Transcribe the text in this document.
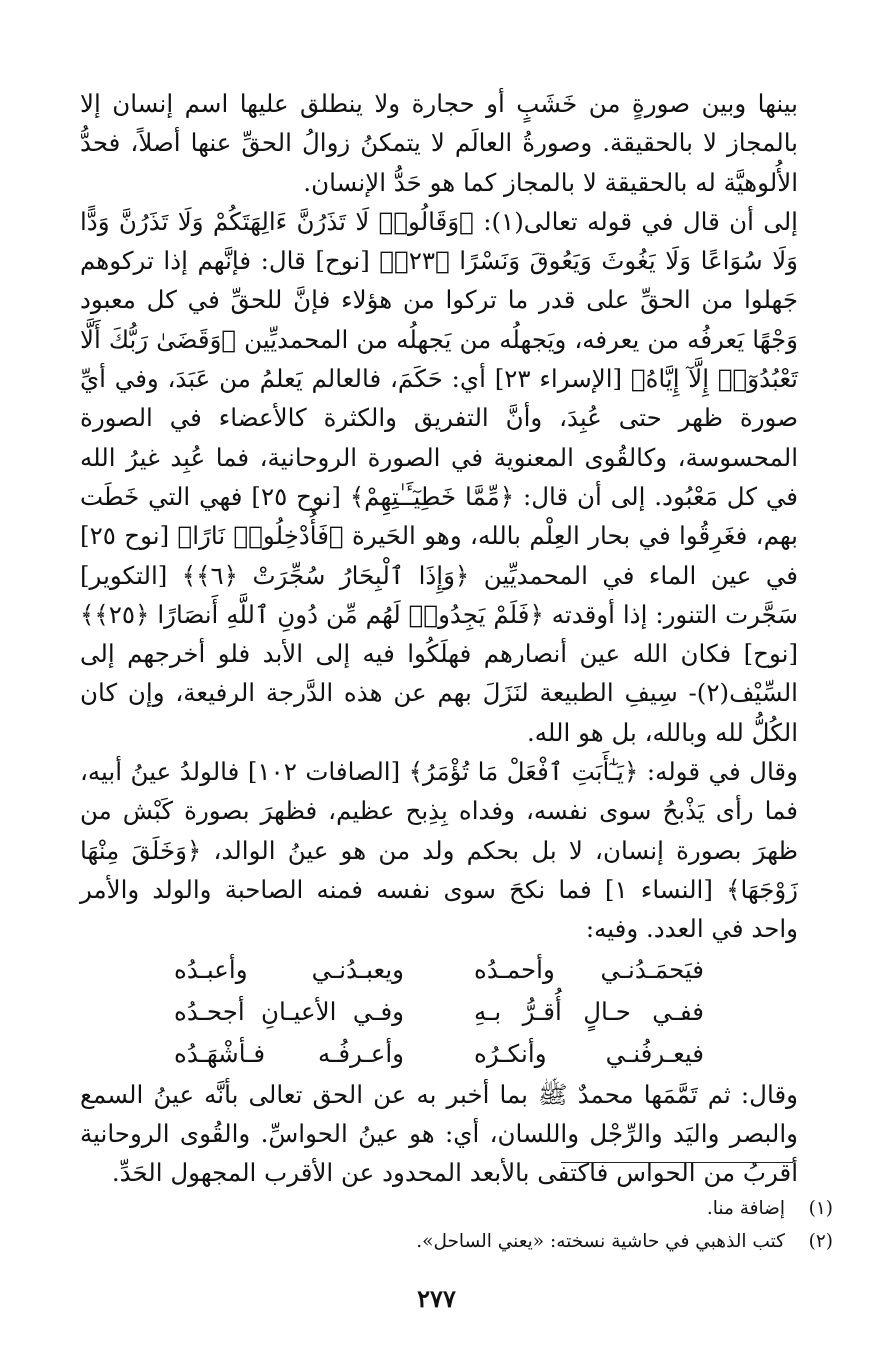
بينها وبين صورةٍ من خَشَبٍ أو حجارة ولا ينطلق عليها اسم إنسان إلا بالمجاز لا بالحقيقة. وصورةُ العالَم لا يتمكنُ زوالُ الحقِّ عنها أصلاً، فحدُّ الأُلوهيَّة له بالحقيقة لا بالمجاز كما هو حَدُّ الإنسان.

إلى أن قال في قوله تعالى(١): ﴿وَقَالُوا۟ لَا تَذَرُنَّ ءَالِهَتَكُمْ وَلَا تَذَرُنَّ وَدًّا وَلَا سُوَاعًا وَلَا يَغُوثَ وَيَعُوقَ وَنَسْرًا ﴿٢٣﴾﴾ [نوح] قال: فإنَّهم إذا تركوهم جَهلوا من الحقِّ على قدر ما تركوا من هؤلاء فإنَّ للحقِّ في كل معبود وَجْهًا يَعرفُه من يعرفه، ويَجهلُه من يَجهلُه من المحمديِّين ﴿وَقَضَىٰ رَبُّكَ أَلَّا تَعْبُدُوٓا۟ إِلَّآ إِيَّاهُ﴾ [الإسراء ٢٣] أي: حَكَمَ، فالعالم يَعلمُ من عَبَدَ، وفي أيِّ صورة ظهر حتى عُبِدَ، وأنَّ التفريق والكثرة كالأعضاء في الصورة المحسوسة، وكالقُوى المعنوية في الصورة الروحانية، فما عُبِد غيرُ الله في كل مَعْبُود. إلى أن قال: ﴿مِّمَّا خَطِيٓـَٔـٰتِهِمْ﴾ [نوح ٢٥] فهي التي خَطَت بهم، فغَرِقُوا في بحار العِلْم بالله، وهو الحَيرة ﴿فَأُدْخِلُوا۟ نَارًا﴾ [نوح ٢٥] في عين الماء في المحمديِّين ﴿وَإِذَا ٱلْبِحَارُ سُجِّرَتْ ﴿٦﴾﴾ [التكوير] سَجَّرت التنور: إذا أوقدته ﴿فَلَمْ يَجِدُوا۟ لَهُم مِّن دُونِ ٱللَّهِ أَنصَارًا ﴿٢٥﴾﴾ [نوح] فكان الله عين أنصارهم فهلَكُوا فيه إلى الأبد فلو أخرجهم إلى السِّيْف(٢)- سِيفِ الطبيعة لنَزَلَ بهم عن هذه الدَّرجة الرفيعة، وإن كان الكُلُّ لله وبالله، بل هو الله.

وقال في قوله: ﴿يَـٰٓأَبَتِ ٱفْعَلْ مَا تُؤْمَرُ﴾ [الصافات ١٠٢] فالولدُ عينُ أبيه، فما رأى يَذْبحُ سوى نفسه، وفداه بِذِبح عظيم، فظهرَ بصورة كَبْش من ظهرَ بصورة إنسان، لا بل بحكم ولد من هو عينُ الوالد، ﴿وَخَلَقَ مِنْهَا زَوْجَهَا﴾ [النساء ١] فما نكحَ سوى نفسه فمنه الصاحبة والولد والأمر واحد في العدد. وفيه:

فيَحمَـدُنـي وأحمـدُه
ويعبـدُنـي وأعبـدُه
ففـي حـالٍ أُقـرُّ بـهِ
وفـي الأعيـانِ أجحـدُه
فيعـرفُنـي وأنكـرُه
وأعـرفُـه فـأشْهَـدُه

وقال: ثم تَمَّمَها محمدٌ ﷺ بما أخبر به عن الحق تعالى بأنَّه عينُ السمع والبصر واليَد والرِّجْل واللسان، أي: هو عينُ الحواسِّ. والقُوى الروحانية أقربُ من الحواس فاكتفى بالأبعد المحدود عن الأقرب المجهول الحَدِّ.

(١)
إضافة منا.
(٢)
كتب الذهبي في حاشية نسخته: «يعني الساحل».
٢٧٧
